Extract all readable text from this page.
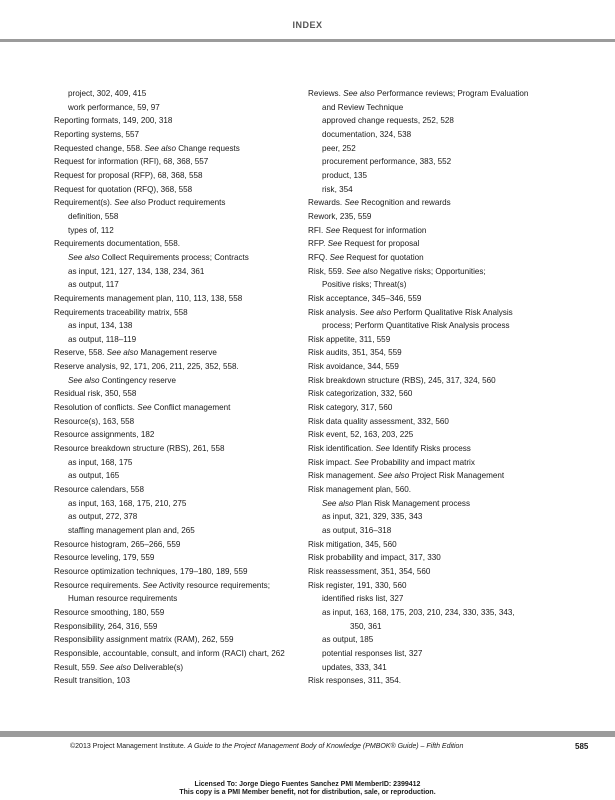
INDEX
project, 302, 409, 415
work performance, 59, 97
Reporting formats, 149, 200, 318
Reporting systems, 557
Requested change, 558. See also Change requests
Request for information (RFI), 68, 368, 557
Request for proposal (RFP), 68, 368, 558
Request for quotation (RFQ), 368, 558
Requirement(s). See also Product requirements
definition, 558
types of, 112
Requirements documentation, 558.
See also Collect Requirements process; Contracts
as input, 121, 127, 134, 138, 234, 361
as output, 117
Requirements management plan, 110, 113, 138, 558
Requirements traceability matrix, 558
as input, 134, 138
as output, 118–119
Reserve, 558. See also Management reserve
Reserve analysis, 92, 171, 206, 211, 225, 352, 558.
See also Contingency reserve
Residual risk, 350, 558
Resolution of conflicts. See Conflict management
Resource(s), 163, 558
Resource assignments, 182
Resource breakdown structure (RBS), 261, 558
as input, 168, 175
as output, 165
Resource calendars, 558
as input, 163, 168, 175, 210, 275
as output, 272, 378
staffing management plan and, 265
Resource histogram, 265–266, 559
Resource leveling, 179, 559
Resource optimization techniques, 179–180, 189, 559
Resource requirements. See Activity resource requirements;
Human resource requirements
Resource smoothing, 180, 559
Responsibility, 264, 316, 559
Responsibility assignment matrix (RAM), 262, 559
Responsible, accountable, consult, and inform (RACI) chart, 262
Result, 559. See also Deliverable(s)
Result transition, 103
Reviews. See also Performance reviews; Program Evaluation
and Review Technique
approved change requests, 252, 528
documentation, 324, 538
peer, 252
procurement performance, 383, 552
product, 135
risk, 354
Rewards. See Recognition and rewards
Rework, 235, 559
RFI. See Request for information
RFP. See Request for proposal
RFQ. See Request for quotation
Risk, 559. See also Negative risks; Opportunities;
Positive risks; Threat(s)
Risk acceptance, 345–346, 559
Risk analysis. See also Perform Qualitative Risk Analysis
process; Perform Quantitative Risk Analysis process
Risk appetite, 311, 559
Risk audits, 351, 354, 559
Risk avoidance, 344, 559
Risk breakdown structure (RBS), 245, 317, 324, 560
Risk categorization, 332, 560
Risk category, 317, 560
Risk data quality assessment, 332, 560
Risk event, 52, 163, 203, 225
Risk identification. See Identify Risks process
Risk impact. See Probability and impact matrix
Risk management. See also Project Risk Management
Risk management plan, 560.
See also Plan Risk Management process
as input, 321, 329, 335, 343
as output, 316–318
Risk mitigation, 345, 560
Risk probability and impact, 317, 330
Risk reassessment, 351, 354, 560
Risk register, 191, 330, 560
identified risks list, 327
as input, 163, 168, 175, 203, 210, 234, 330, 335, 343,
350, 361
as output, 185
potential responses list, 327
updates, 333, 341
Risk responses, 311, 354.
©2013 Project Management Institute. A Guide to the Project Management Body of Knowledge (PMBOK® Guide) – Fifth Edition	585
Licensed To: Jorge Diego Fuentes Sanchez PMI MemberID: 2399412
This copy is a PMI Member benefit, not for distribution, sale, or reproduction.
